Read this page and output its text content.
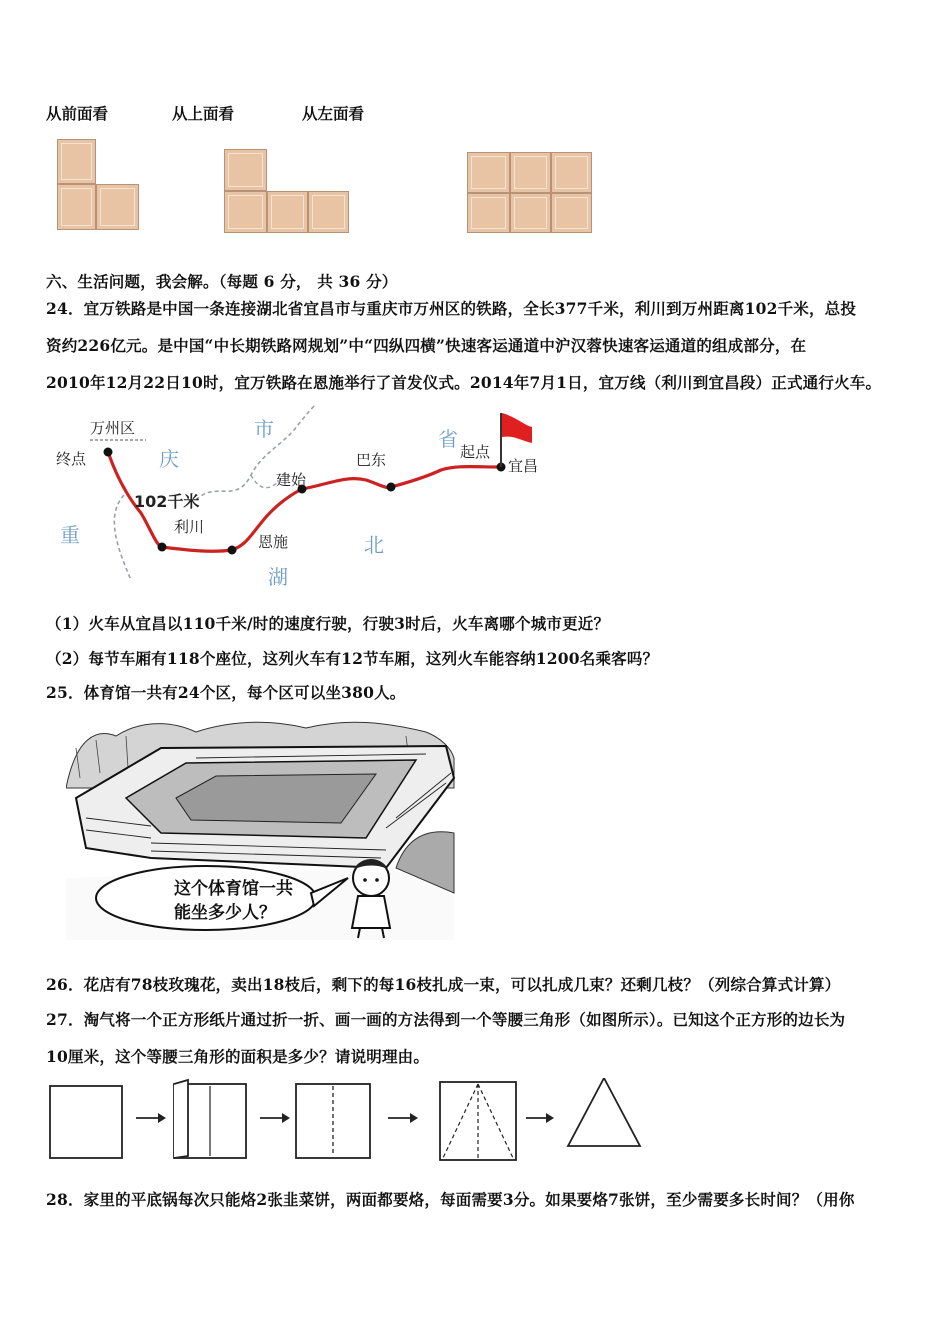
从前面看	从上面看	从左面看
六、生活问题，我会解。（每题 6 分， 共 36 分）
24．宜万铁路是中国一条连接湖北省宜昌市与重庆市万州区的铁路，全长377千米，利川到万州距离102千米，总投
资约226亿元。是中国“中长期铁路网规划”中“四纵四横”快速客运通道中沪汉蓉快速客运通道的组成部分，在
2010年12月22日10时，宜万铁路在恩施举行了首发仪式。2014年7月1日，宜万线（利川到宜昌段）正式通行火车。
万州区
终点
102千米
利川
恩施
建始
巴东	起点
宜昌
庆
市	省
重
湖
北
（1）火车从宜昌以110千米/时的速度行驶，行驶3时后，火车离哪个城市更近？
（2）每节车厢有118个座位，这列火车有12节车厢，这列火车能容纳1200名乘客吗？
25．体育馆一共有24个区，每个区可以坐380人。
这个体育馆一共
能坐多少人？
26．花店有78枝玫瑰花，卖出18枝后，剩下的每16枝扎成一束，可以扎成几束？还剩几枝？（列综合算式计算）
27．淘气将一个正方形纸片通过折一折、画一画的方法得到一个等腰三角形（如图所示）。已知这个正方形的边长为
10厘米，这个等腰三角形的面积是多少？请说明理由。
28．家里的平底锅每次只能烙2张韭菜饼，两面都要烙，每面需要3分。如果要烙7张饼，至少需要多长时间？（用你
